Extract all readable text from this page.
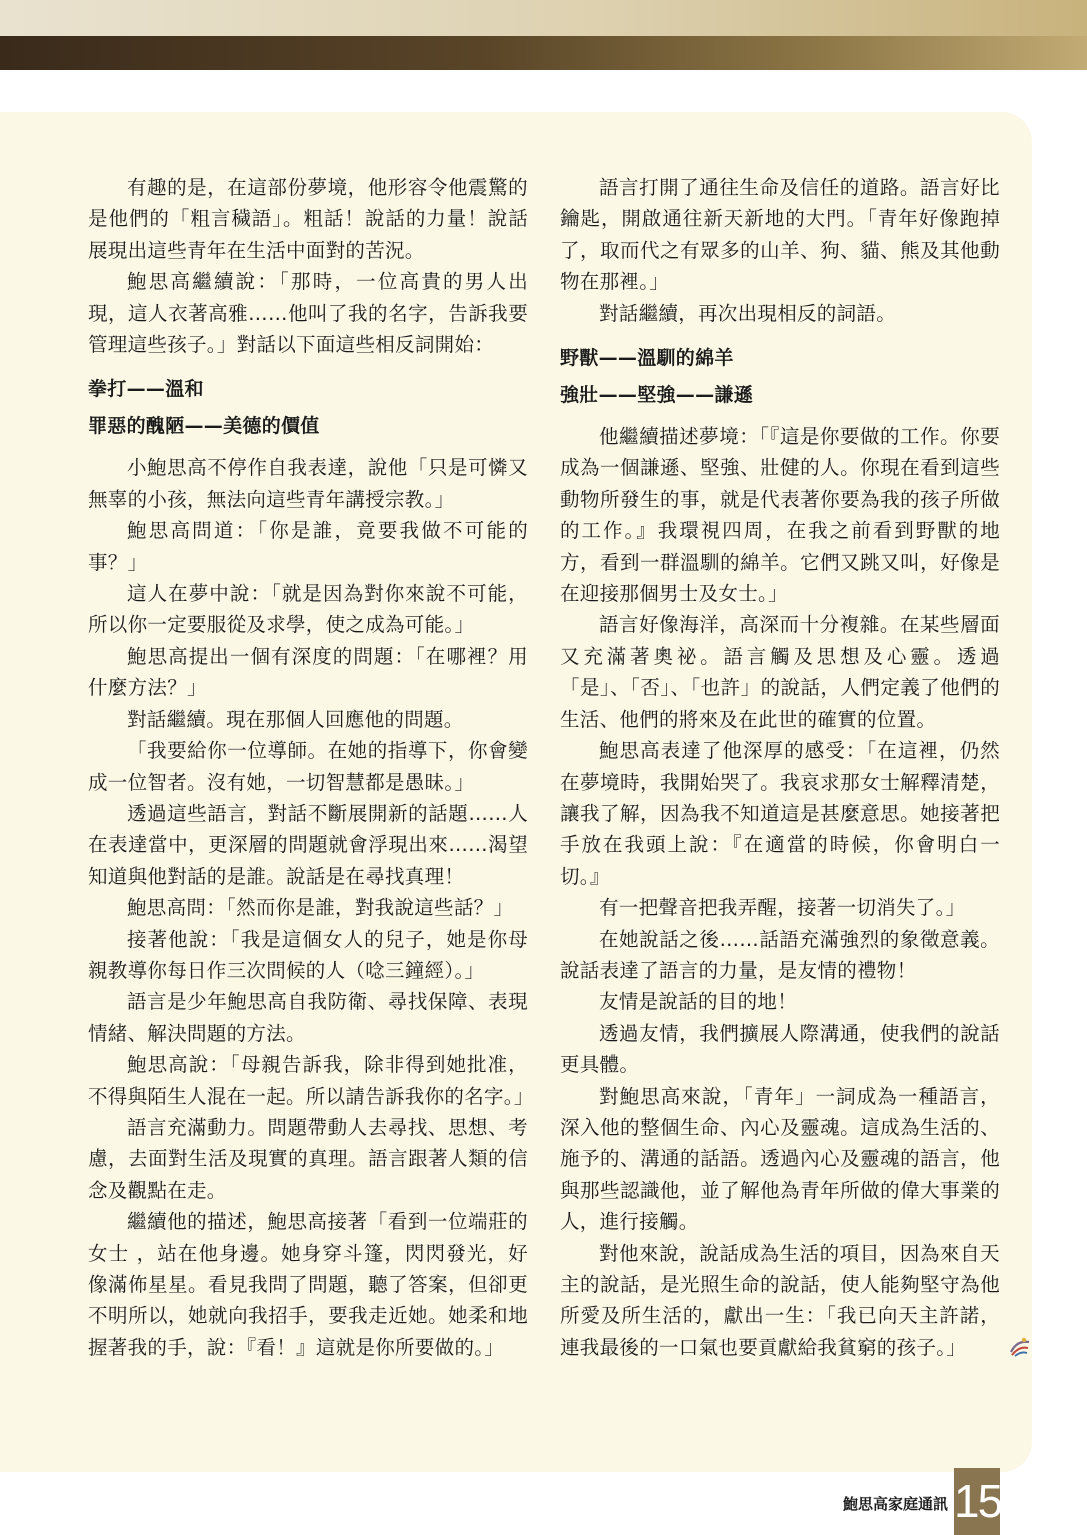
有趣的是，在這部份夢境，他形容令他震驚的是他們的「粗言穢語」。粗話！說話的力量！說話展現出這些青年在生活中面對的苦況。

鮑思高繼續說：「那時，一位高貴的男人出現，這人衣著高雅……他叫了我的名字，告訴我要管理這些孩子。」對話以下面這些相反詞開始：

拳打——溫和
罪惡的醜陋——美德的價值

小鮑思高不停作自我表達，說他「只是可憐又無辜的小孩，無法向這些青年講授宗教。」

鮑思高問道：「你是誰，竟要我做不可能的事？」

這人在夢中說：「就是因為對你來說不可能，所以你一定要服從及求學，使之成為可能。」

鮑思高提出一個有深度的問題：「在哪裡？用什麼方法？」

對話繼續。現在那個人回應他的問題。

「我要給你一位導師。在她的指導下，你會變成一位智者。沒有她，一切智慧都是愚昧。」

透過這些語言，對話不斷展開新的話題……人在表達當中，更深層的問題就會浮現出來……渴望知道與他對話的是誰。說話是在尋找真理！

鮑思高問：「然而你是誰，對我說這些話？」

接著他說：「我是這個女人的兒子，她是你母親教導你每日作三次問候的人（唸三鐘經）。」

語言是少年鮑思高自我防衛、尋找保障、表現情緒、解決問題的方法。

鮑思高說：「母親告訴我，除非得到她批准，不得與陌生人混在一起。所以請告訴我你的名字。」

語言充滿動力。問題帶動人去尋找、思想、考慮，去面對生活及現實的真理。語言跟著人類的信念及觀點在走。

繼續他的描述，鮑思高接著「看到一位端莊的女士 ，站在他身邊。她身穿斗篷，閃閃發光，好像滿佈星星。看見我問了問題，聽了答案，但卻更不明所以，她就向我招手，要我走近她。她柔和地握著我的手，說：『看！』這就是你所要做的。」

語言打開了通往生命及信任的道路。語言好比鑰匙，開啟通往新天新地的大門。「青年好像跑掉了，取而代之有眾多的山羊、狗、貓、熊及其他動物在那裡。」

對話繼續，再次出現相反的詞語。

野獸——溫馴的綿羊
強壯——堅強——謙遜

他繼續描述夢境：「『這是你要做的工作。你要成為一個謙遜、堅強、壯健的人。你現在看到這些動物所發生的事，就是代表著你要為我的孩子所做的工作。』我環視四周，在我之前看到野獸的地方，看到一群溫馴的綿羊。它們又跳又叫，好像是在迎接那個男士及女士。」

語言好像海洋，高深而十分複雜。在某些層面又充滿著奧祕。語言觸及思想及心靈。透過「是」、「否」、「也許」的說話，人們定義了他們的生活、他們的將來及在此世的確實的位置。

鮑思高表達了他深厚的感受：「在這裡，仍然在夢境時，我開始哭了。我哀求那女士解釋清楚，讓我了解，因為我不知道這是甚麼意思。她接著把手放在我頭上說：『在適當的時候，你會明白一切。』

有一把聲音把我弄醒，接著一切消失了。」

在她說話之後……話語充滿強烈的象徵意義。說話表達了語言的力量，是友情的禮物！

友情是說話的目的地！

透過友情，我們擴展人際溝通，使我們的說話更具體。

對鮑思高來說，「青年」一詞成為一種語言，深入他的整個生命、內心及靈魂。這成為生活的、施予的、溝通的話語。透過內心及靈魂的語言，他與那些認識他，並了解他為青年所做的偉大事業的人，進行接觸。

對他來說，說話成為生活的項目，因為來自天主的說話，是光照生命的說話，使人能夠堅守為他所愛及所生活的，獻出一生：「我已向天主許諾，連我最後的一口氣也要貢獻給我貧窮的孩子。」

鮑思高家庭通訊 15
